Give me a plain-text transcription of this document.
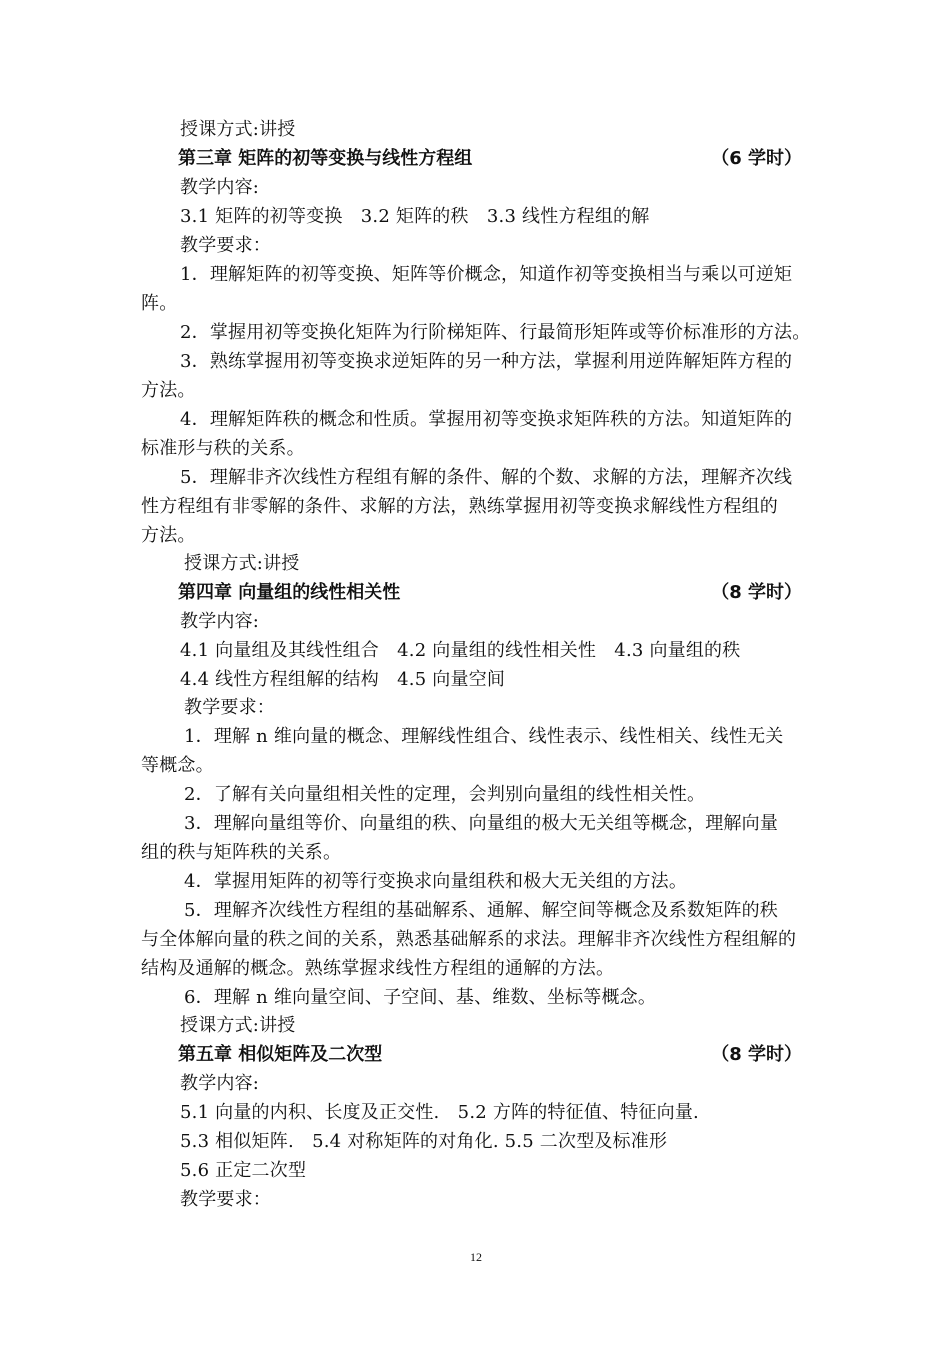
授课方式:讲授
第三章 矩阵的初等变换与线性方程组	（6 学时）
教学内容:
3.1 矩阵的初等变换　3.2 矩阵的秩　3.3 线性方程组的解
教学要求：
1．理解矩阵的初等变换、矩阵等价概念，知道作初等变换相当与乘以可逆矩
阵。
2．掌握用初等变换化矩阵为行阶梯矩阵、行最简形矩阵或等价标准形的方法。
3．熟练掌握用初等变换求逆矩阵的另一种方法，掌握利用逆阵解矩阵方程的
方法。
4．理解矩阵秩的概念和性质。掌握用初等变换求矩阵秩的方法。知道矩阵的
标准形与秩的关系。
5．理解非齐次线性方程组有解的条件、解的个数、求解的方法，理解齐次线
性方程组有非零解的条件、求解的方法，熟练掌握用初等变换求解线性方程组的
方法。
授课方式:讲授
第四章 向量组的线性相关性	（8 学时）
教学内容:
4.1 向量组及其线性组合　4.2 向量组的线性相关性　4.3 向量组的秩
4.4 线性方程组解的结构　4.5 向量空间
教学要求：
1．理解 n 维向量的概念、理解线性组合、线性表示、线性相关、线性无关
等概念。
2．了解有关向量组相关性的定理，会判别向量组的线性相关性。
3．理解向量组等价、向量组的秩、向量组的极大无关组等概念，理解向量
组的秩与矩阵秩的关系。
4．掌握用矩阵的初等行变换求向量组秩和极大无关组的方法。
5．理解齐次线性方程组的基础解系、通解、解空间等概念及系数矩阵的秩
与全体解向量的秩之间的关系，熟悉基础解系的求法。理解非齐次线性方程组解的
结构及通解的概念。熟练掌握求线性方程组的通解的方法。
6．理解 n 维向量空间、子空间、基、维数、坐标等概念。
授课方式:讲授
第五章 相似矩阵及二次型	（8 学时）
教学内容:
5.1 向量的内积、长度及正交性.　5.2 方阵的特征值、特征向量.
5.3 相似矩阵.　5.4 对称矩阵的对角化. 5.5 二次型及标准形
5.6 正定二次型
教学要求：
12
